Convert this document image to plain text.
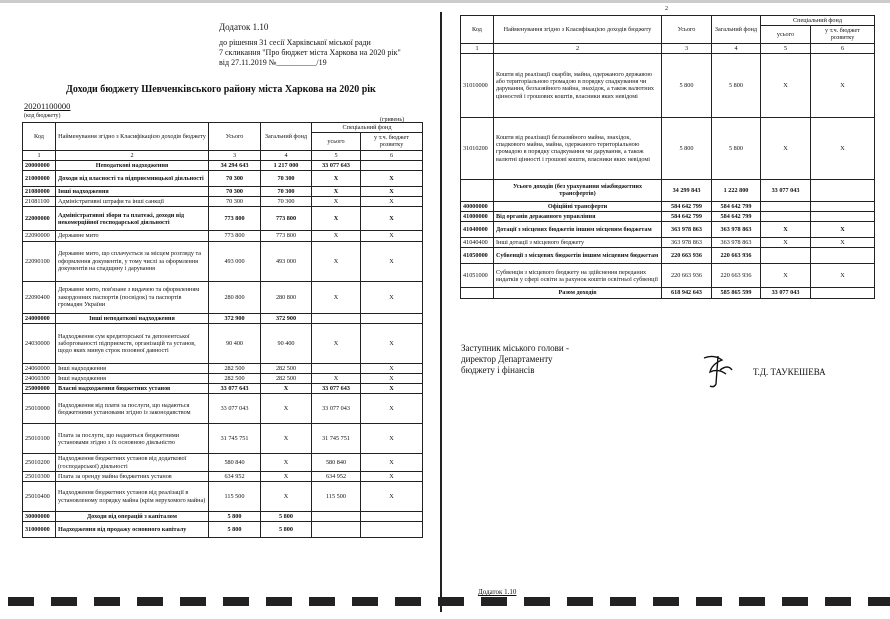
Додаток 1.10
до рішення 31 сесії Харківської міської ради
7 скликання "Про бюджет міста Харкова на 2020 рік"
від 27.11.2019 №__________/19
Доходи бюджету Шевченківського району міста Харкова на 2020 рік
20201100000
(код бюджету)
(гривень)
Код	Найменування згідно з Класифікацією доходів бюджету	Усього	Загальний фонд	Спеціальний фонд	
				усього	у т.ч. бюджет розвитку
1	2	3	4	5	6
20000000	Неподаткові надходження	34 294 643	1 217 000	33 077 643	
21000000	Доходи від власності та підприємницької діяльності	70 300	70 300	X	X
21080000	Інші надходження	70 300	70 300	X	X
21081100	Адміністративні штрафи та інші санкції	70 300	70 300	X	X
22000000	Адміністративні збори та платежі, доходи від некомерційної господарської діяльності	773 800	773 800	X	X
22090000	Державне мито	773 800	773 800	X	X
22090100	Державне мито, що сплачується за місцем розгляду та оформлення документів, у тому числі за оформлення документів на спадщину і дарування	493 000	493 000	X	X
22090400	Державне мито, пов'язане з видачею та оформленням закордонних паспортів (посвідок) та паспортів громадян України	280 800	280 800	X	X
24000000	Інші неподаткові надходження	372 900	372 900		
24030000	Надходження сум кредиторської та депонентської заборгованості підприємств, організацій та установ, щодо яких минув строк позовної давності	90 400	90 400	X	X
24060000	Інші надходження	282 500	282 500		X
24060300	Інші надходження	282 500	282 500	X	X
25000000	Власні надходження бюджетних установ	33 077 643	X	33 077 643	X
25010000	Надходження від плати за послуги, що надаються бюджетними установами згідно із законодавством	33 077 043	X	33 077 043	X
25010100	Плата за послуги, що надаються бюджетними установами згідно з їх основною діяльністю	31 745 751	X	31 745 751	X
25010200	Надходження бюджетних установ від додаткової (господарської) діяльності	580 840	X	580 840	X
25010300	Плата за оренду майна бюджетних установ	634 952	X	634 952	X
25010400	Надходження бюджетних установ від реалізації в установленому порядку майна (крім нерухомого майна)	115 500	X	115 500	X
30000000	Доходи від операцій з капіталом	5 800	5 800		
31000000	Надходження від продажу основного капіталу	5 800	5 800		
2
Код	Найменування згідно з Класифікацією доходів бюджету	Усього	Загальний фонд	Спеціальний фонд	
				усього	у т.ч. бюджет розвитку
1	2	3	4	5	6
31010000	Кошти від реалізації скарбів, майна, одержаного державою або територіальною громадою в порядку спадкування чи дарування, безхазяйного майна, знахідок, а також валютних цінностей і грошових коштів, власники яких невідомі	5 800	5 800	X	X
31010200	Кошти від реалізації безхазяйного майна, знахідок, спадкового майна, майна, одержаного територіальною громадою в порядку спадкування чи дарування, а також валютні цінності і грошові кошти, власники яких невідомі	5 800	5 800	X	X
	Усього доходів (без урахування міжбюджетних трансфертів)	34 299 843	1 222 800	33 077 043	
40000000	Офіційні трансферти	584 642 799	584 642 799		
41000000	Від органів державного управління	584 642 799	584 642 799		
41040000	Дотації з місцевих бюджетів іншим місцевим бюджетам	363 978 863	363 978 863	X	X
41040400	Інші дотації з місцевого бюджету	363 978 863	363 978 863	X	X
41050000	Субвенції з місцевих бюджетів іншим місцевим бюджетам	220 663 936	220 663 936		
41051000	Субвенція з місцевого бюджету на здійснення переданих видатків у сфері освіти за рахунок коштів освітньої субвенції	220 663 936	220 663 936	X	X
	Разом доходів	618 942 643	585 865 599	33 077 043	
Заступник міського голови -
директор Департаменту
бюджету і фінансів	Т.Д. ТАУКЕШЕВА
Додаток 1.10
